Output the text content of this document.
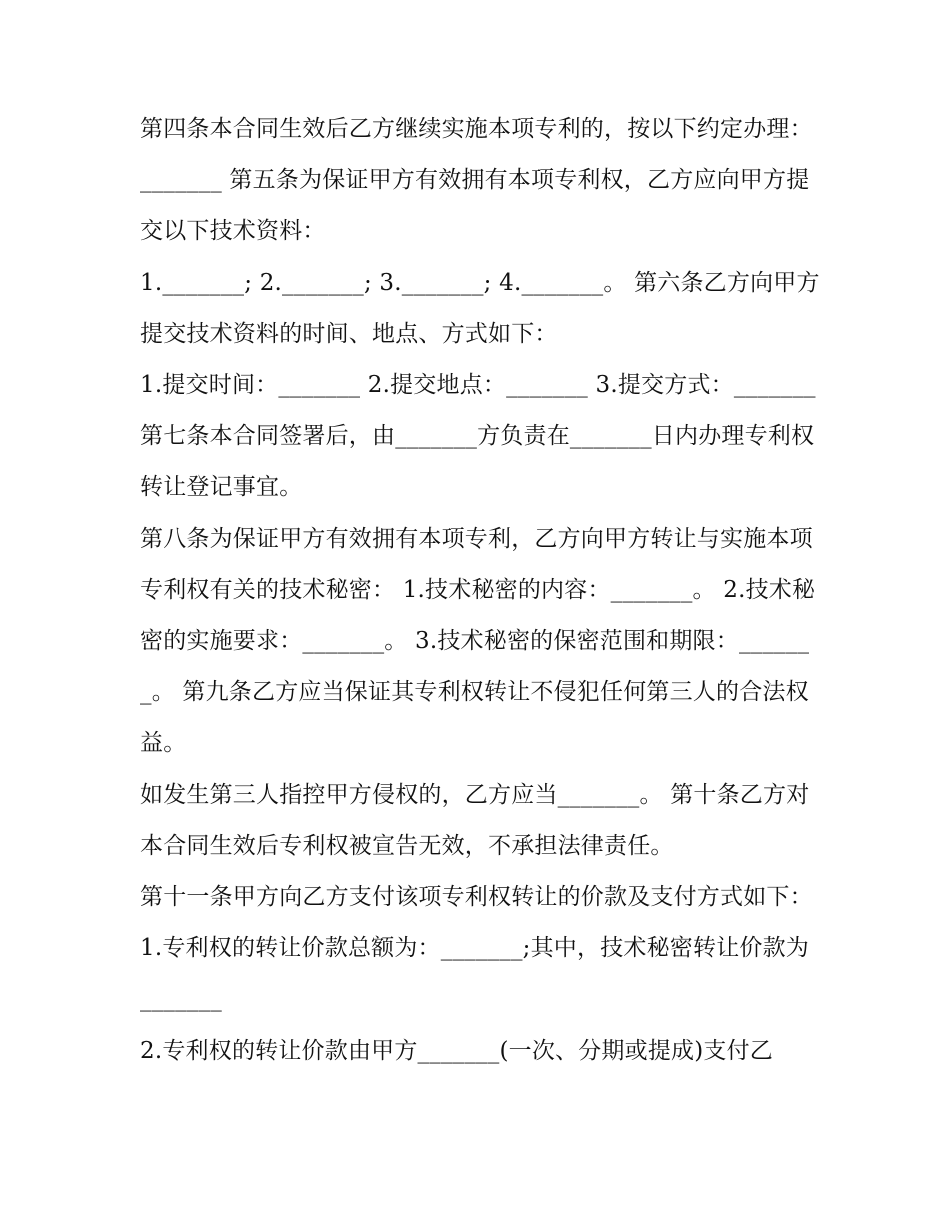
第四条本合同生效后乙方继续实施本项专利的，按以下约定办理：_______ 第五条为保证甲方有效拥有本项专利权，乙方应向甲方提交以下技术资料：

1._______; 2._______; 3._______; 4._______。 第六条乙方向甲方提交技术资料的时间、地点、方式如下：

1.提交时间：_______ 2.提交地点：_______ 3.提交方式：_______

第七条本合同签署后，由_______方负责在_______日内办理专利权转让登记事宜。

第八条为保证甲方有效拥有本项专利，乙方向甲方转让与实施本项专利权有关的技术秘密： 1.技术秘密的内容：_______。 2.技术秘密的实施要求：_______。 3.技术秘密的保密范围和期限：_______。 第九条乙方应当保证其专利权转让不侵犯任何第三人的合法权益。

如发生第三人指控甲方侵权的，乙方应当_______。 第十条乙方对本合同生效后专利权被宣告无效，不承担法律责任。

第十一条甲方向乙方支付该项专利权转让的价款及支付方式如下： 1.专利权的转让价款总额为：_______;其中，技术秘密转让价款为_______

2.专利权的转让价款由甲方_______(一次、分期或提成)支付乙
